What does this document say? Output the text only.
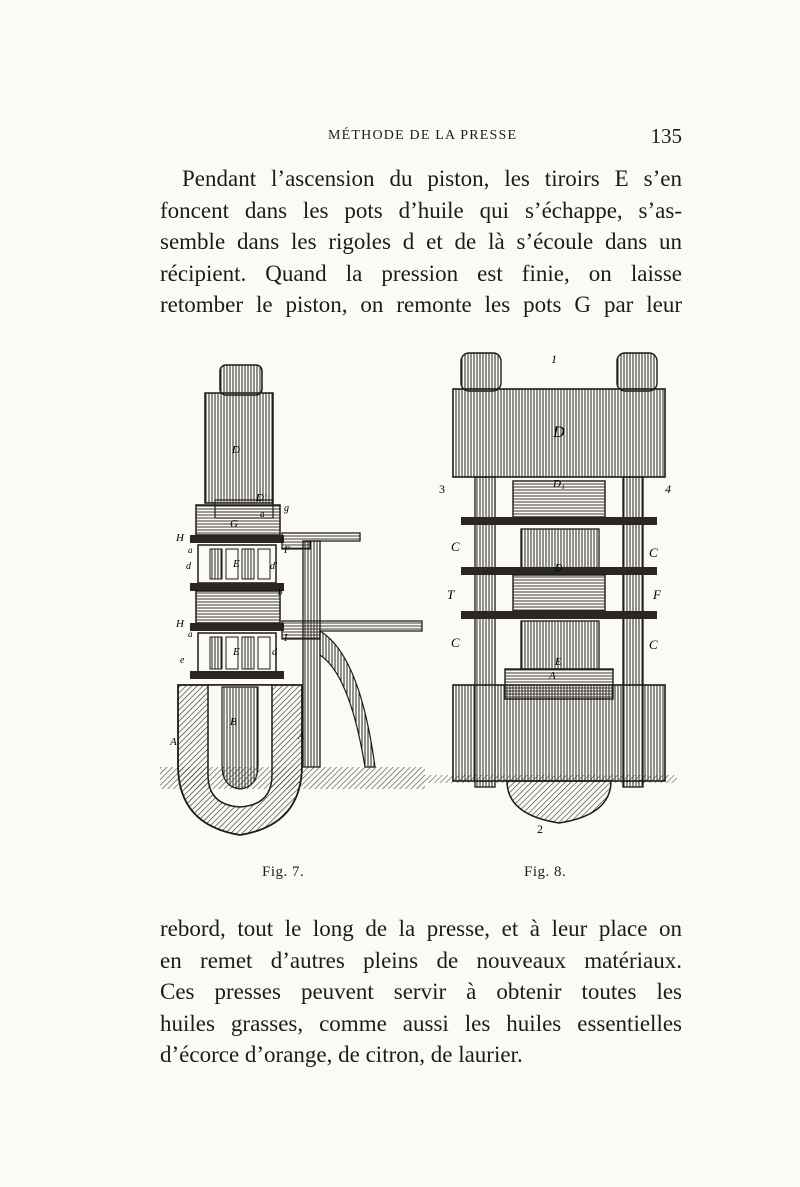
MÉTHODE DE LA PRESSE	135

Pendant l’ascension du piston, les tiroirs E s’en
foncent dans les pots d’huile qui s’échappe, s’as-
semble dans les rigoles d et de là s’écoule dans un
récipient. Quand la pression est finie, on laisse
retomber le piston, on remonte les pots G par leur

D
D'
g
G
a
H
a
d	E	d'
I'
b
H
a
E	d
e
I
A	A
B
1
D
3	4
D₁
C	C
T	F
C	C
D
E
A
2
Fig. 7.	Fig. 8.

rebord, tout le long de la presse, et à leur place on
en remet d’autres pleins de nouveaux matériaux.
Ces presses peuvent servir à obtenir toutes les
huiles grasses, comme aussi les huiles essentielles
d’écorce d’orange, de citron, de laurier.
